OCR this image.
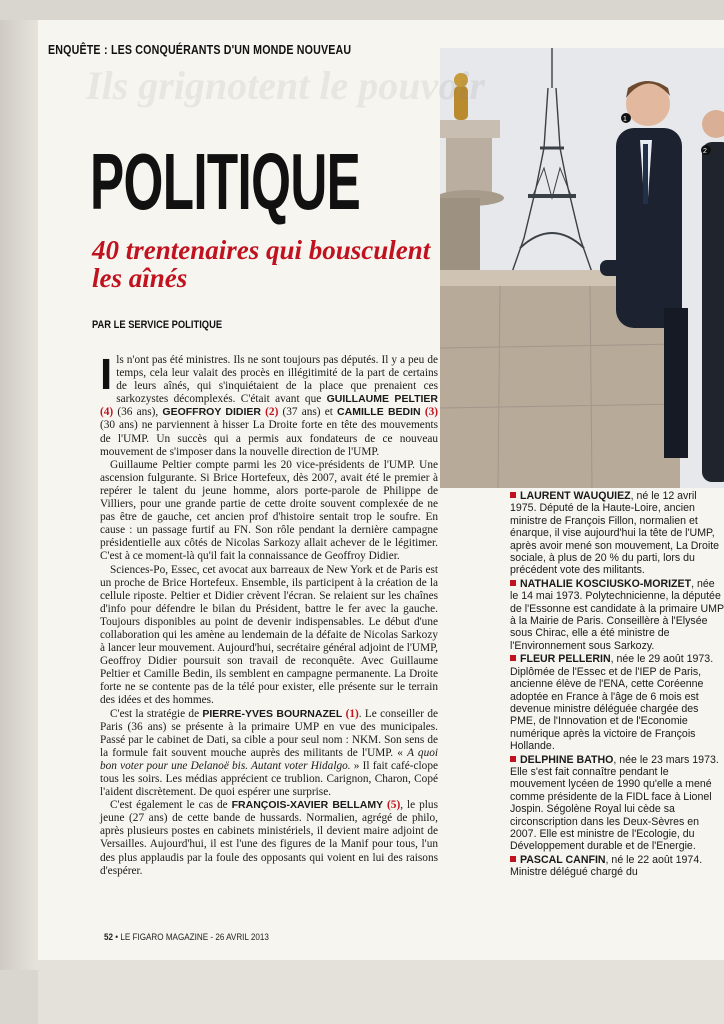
ENQUÊTE : LES CONQUÉRANTS D'UN MONDE NOUVEAU
1
2
Ils grignotent le pouvoir
POLITIQUE
40 trentenaires qui bousculent les aînés
PAR LE SERVICE POLITIQUE

Ils n'ont pas été ministres. Ils ne sont toujours pas députés. Il y a peu de temps, cela leur valait des procès en illégitimité de la part de certains de leurs aînés, qui s'inquiétaient de la place que prenaient ces sarkozystes décomplexés. C'était avant que GUILLAUME PELTIER (4) (36 ans), GEOFFROY DIDIER (2) (37 ans) et CAMILLE BEDIN (3) (30 ans) ne parviennent à hisser La Droite forte en tête des mouvements de l'UMP. Un succès qui a permis aux fondateurs de ce nouveau mouvement de s'imposer dans la nouvelle direction de l'UMP.

Guillaume Peltier compte parmi les 20 vice-présidents de l'UMP. Une ascension fulgurante. Si Brice Hortefeux, dès 2007, avait été le premier à repérer le talent du jeune homme, alors porte-parole de Philippe de Villiers, pour une grande partie de cette droite souvent complexée de ne pas être de gauche, cet ancien prof d'histoire sentait trop le soufre. En cause : un passage furtif au FN. Son rôle pendant la dernière campagne présidentielle aux côtés de Nicolas Sarkozy allait achever de le légitimer. C'est à ce moment-là qu'il fait la connaissance de Geoffroy Didier.

Sciences-Po, Essec, cet avocat aux barreaux de New York et de Paris est un proche de Brice Hortefeux. Ensemble, ils participent à la création de la cellule riposte. Peltier et Didier crèvent l'écran. Se relaient sur les chaînes d'info pour défendre le bilan du Président, battre le fer avec la gauche. Toujours disponibles au point de devenir indispensables. Le début d'une collaboration qui les amène au lendemain de la défaite de Nicolas Sarkozy à lancer leur mouvement. Aujourd'hui, secrétaire général adjoint de l'UMP, Geoffroy Didier poursuit son travail de reconquête. Avec Guillaume Peltier et Camille Bedin, ils semblent en campagne permanente. La Droite forte ne se contente pas de la télé pour exister, elle présente sur le terrain des idées et des hommes.

C'est la stratégie de PIERRE-YVES BOURNAZEL (1). Le conseiller de Paris (36 ans) se présente à la primaire UMP en vue des municipales. Passé par le cabinet de Dati, sa cible a pour seul nom : NKM. Son sens de la formule fait souvent mouche auprès des militants de l'UMP. « A quoi bon voter pour une Delanoë bis. Autant voter Hidalgo. » Il fait café-clope tous les soirs. Les médias apprécient ce trublion. Carignon, Charon, Copé l'aident discrètement. De quoi espérer une surprise.

C'est également le cas de FRANÇOIS-XAVIER BELLAMY (5), le plus jeune (27 ans) de cette bande de hussards. Normalien, agrégé de philo, après plusieurs postes en cabinets ministériels, il devient maire adjoint de Versailles. Aujourd'hui, il est l'une des figures de la Manif pour tous, l'un des plus applaudis par la foule des opposants qui voient en lui des raisons d'espérer.

LAURENT WAUQUIEZ, né le 12 avril 1975. Député de la Haute-Loire, ancien ministre de François Fillon, normalien et énarque, il vise aujourd'hui la tête de l'UMP, après avoir mené son mouvement, La Droite sociale, à plus de 20 % du parti, lors du précédent vote des militants.
NATHALIE KOSCIUSKO-MORIZET, née le 14 mai 1973. Polytechnicienne, la députée de l'Essonne est candidate à la primaire UMP à la Mairie de Paris. Conseillère à l'Elysée sous Chirac, elle a été ministre de l'Environnement sous Sarkozy.
FLEUR PELLERIN, née le 29 août 1973. Diplômée de l'Essec et de l'IEP de Paris, ancienne élève de l'ENA, cette Coréenne adoptée en France à l'âge de 6 mois est devenue ministre déléguée chargée des PME, de l'Innovation et de l'Economie numérique après la victoire de François Hollande.
DELPHINE BATHO, née le 23 mars 1973. Elle s'est fait connaître pendant le mouvement lycéen de 1990 qu'elle a mené comme présidente de la FIDL face à Lionel Jospin. Ségolène Royal lui cède sa circonscription dans les Deux-Sèvres en 2007. Elle est ministre de l'Ecologie, du Développement durable et de l'Energie.
PASCAL CANFIN, né le 22 août 1974. Ministre délégué chargé du
52 • LE FIGARO MAGAZINE - 26 AVRIL 2013
